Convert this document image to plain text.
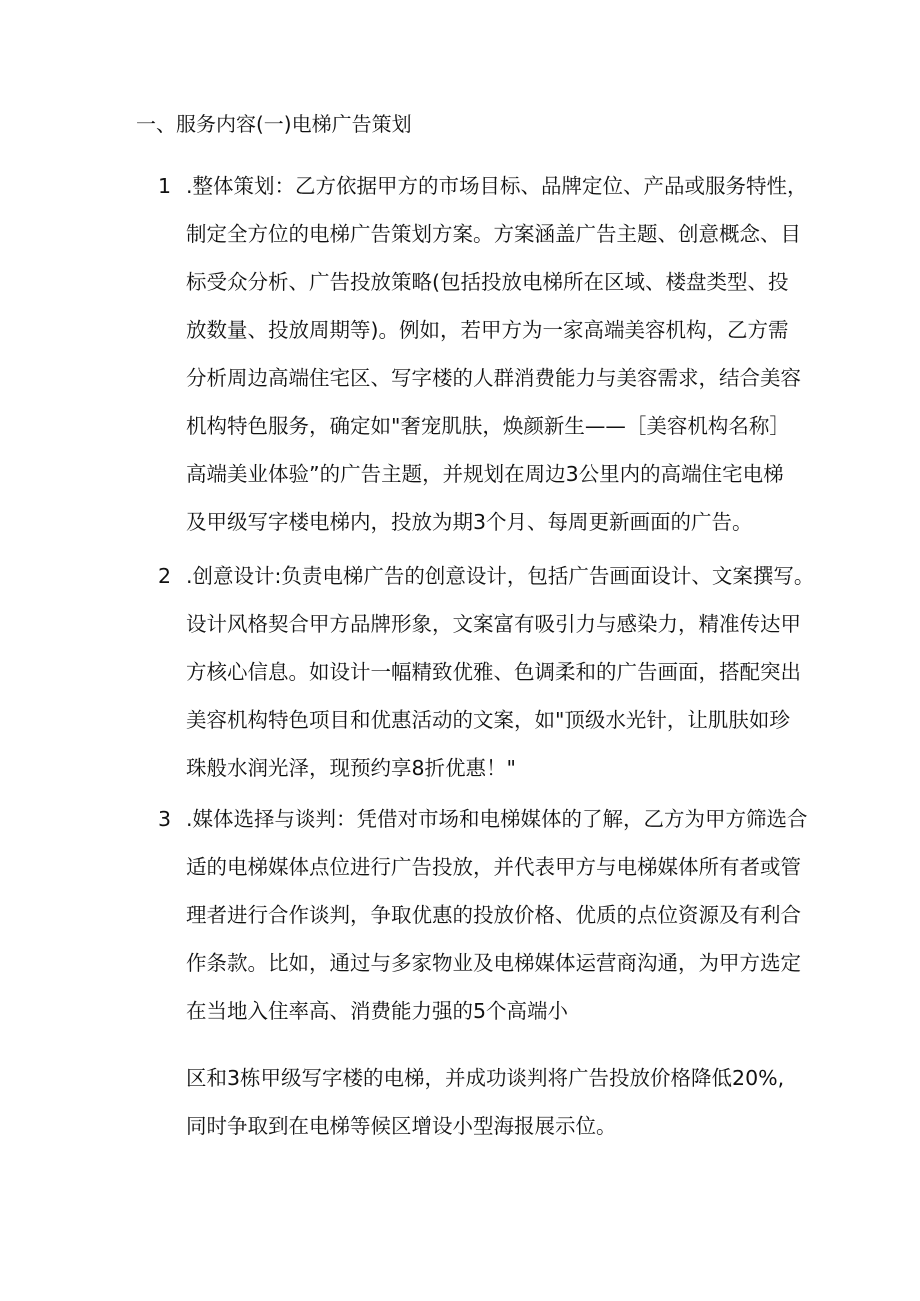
一、服务内容(一)电梯广告策划
1 .整体策划：乙方依据甲方的市场目标、品牌定位、产品或服务特性，
制定全方位的电梯广告策划方案。方案涵盖广告主题、创意概念、目
标受众分析、广告投放策略(包括投放电梯所在区域、楼盘类型、投
放数量、投放周期等)。例如，若甲方为一家高端美容机构，乙方需
分析周边高端住宅区、写字楼的人群消费能力与美容需求，结合美容
机构特色服务，确定如"奢宠肌肤，焕颜新生——［美容机构名称］
高端美业体验”的广告主题，并规划在周边3公里内的高端住宅电梯
及甲级写字楼电梯内，投放为期3个月、每周更新画面的广告。
2 .创意设计:负责电梯广告的创意设计，包括广告画面设计、文案撰写。
设计风格契合甲方品牌形象，文案富有吸引力与感染力，精准传达甲
方核心信息。如设计一幅精致优雅、色调柔和的广告画面，搭配突出
美容机构特色项目和优惠活动的文案，如"顶级水光针，让肌肤如珍
珠般水润光泽，现预约享8折优惠！"
3 .媒体选择与谈判：凭借对市场和电梯媒体的了解，乙方为甲方筛选合
适的电梯媒体点位进行广告投放，并代表甲方与电梯媒体所有者或管
理者进行合作谈判，争取优惠的投放价格、优质的点位资源及有利合
作条款。比如，通过与多家物业及电梯媒体运营商沟通，为甲方选定
在当地入住率高、消费能力强的5个高端小
区和3栋甲级写字楼的电梯，并成功谈判将广告投放价格降低20%,
同时争取到在电梯等候区增设小型海报展示位。
